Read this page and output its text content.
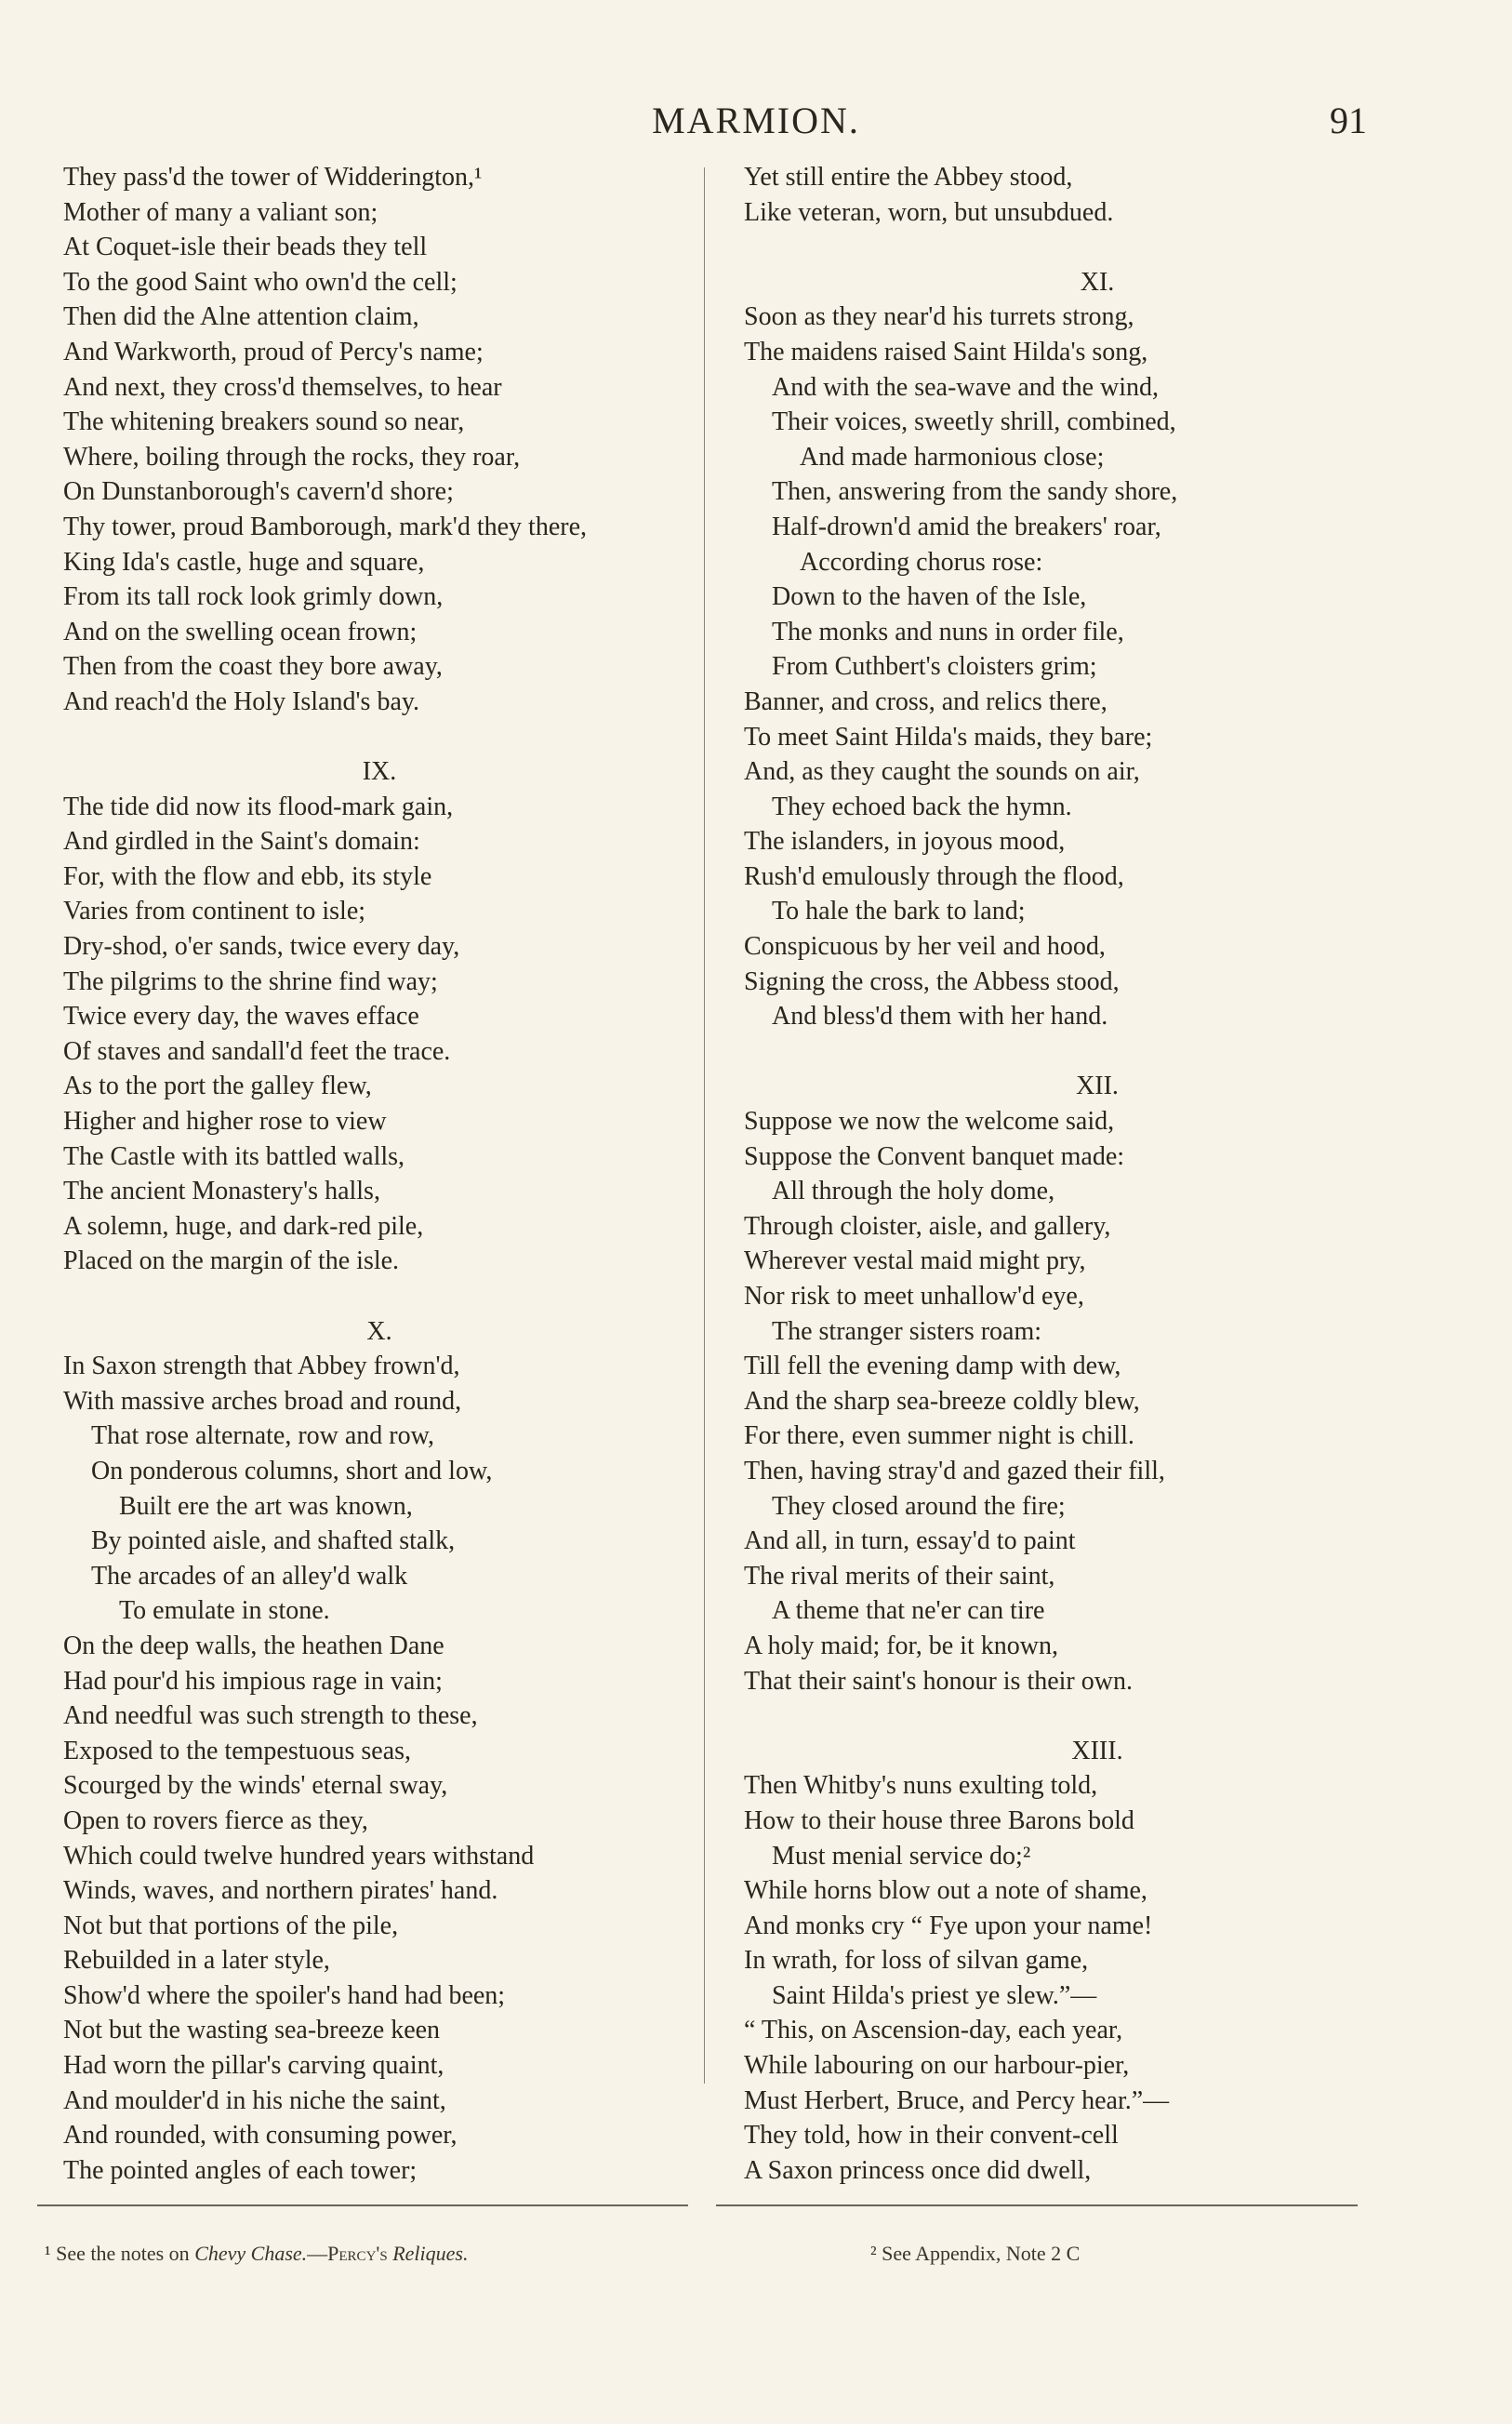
MARMION.	91
They pass'd the tower of Widderington,¹
Mother of many a valiant son;
At Coquet-isle their beads they tell
To the good Saint who own'd the cell;
Then did the Alne attention claim,
And Warkworth, proud of Percy's name;
And next, they cross'd themselves, to hear
The whitening breakers sound so near,
Where, boiling through the rocks, they roar,
On Dunstanborough's cavern'd shore;
Thy tower, proud Bamborough, mark'd they there,
King Ida's castle, huge and square,
From its tall rock look grimly down,
And on the swelling ocean frown;
Then from the coast they bore away,
And reach'd the Holy Island's bay.
IX.
The tide did now its flood-mark gain,
And girdled in the Saint's domain:
For, with the flow and ebb, its style
Varies from continent to isle;
Dry-shod, o'er sands, twice every day,
The pilgrims to the shrine find way;
Twice every day, the waves efface
Of staves and sandall'd feet the trace.
As to the port the galley flew,
Higher and higher rose to view
The Castle with its battled walls,
The ancient Monastery's halls,
A solemn, huge, and dark-red pile,
Placed on the margin of the isle.
X.
In Saxon strength that Abbey frown'd,
With massive arches broad and round,
That rose alternate, row and row,
On ponderous columns, short and low,
Built ere the art was known,
By pointed aisle, and shafted stalk,
The arcades of an alley'd walk
To emulate in stone.
On the deep walls, the heathen Dane
Had pour'd his impious rage in vain;
And needful was such strength to these,
Exposed to the tempestuous seas,
Scourged by the winds' eternal sway,
Open to rovers fierce as they,
Which could twelve hundred years withstand
Winds, waves, and northern pirates' hand.
Not but that portions of the pile,
Rebuilded in a later style,
Show'd where the spoiler's hand had been;
Not but the wasting sea-breeze keen
Had worn the pillar's carving quaint,
And moulder'd in his niche the saint,
And rounded, with consuming power,
The pointed angles of each tower;
Yet still entire the Abbey stood,
Like veteran, worn, but unsubdued.
XI.
Soon as they near'd his turrets strong,
The maidens raised Saint Hilda's song,
And with the sea-wave and the wind,
Their voices, sweetly shrill, combined,
And made harmonious close;
Then, answering from the sandy shore,
Half-drown'd amid the breakers' roar,
According chorus rose:
Down to the haven of the Isle,
The monks and nuns in order file,
From Cuthbert's cloisters grim;
Banner, and cross, and relics there,
To meet Saint Hilda's maids, they bare;
And, as they caught the sounds on air,
They echoed back the hymn.
The islanders, in joyous mood,
Rush'd emulously through the flood,
To hale the bark to land;
Conspicuous by her veil and hood,
Signing the cross, the Abbess stood,
And bless'd them with her hand.
XII.
Suppose we now the welcome said,
Suppose the Convent banquet made:
All through the holy dome,
Through cloister, aisle, and gallery,
Wherever vestal maid might pry,
Nor risk to meet unhallow'd eye,
The stranger sisters roam:
Till fell the evening damp with dew,
And the sharp sea-breeze coldly blew,
For there, even summer night is chill.
Then, having stray'd and gazed their fill,
They closed around the fire;
And all, in turn, essay'd to paint
The rival merits of their saint,
A theme that ne'er can tire
A holy maid; for, be it known,
That their saint's honour is their own.
XIII.
Then Whitby's nuns exulting told,
How to their house three Barons bold
Must menial service do;²
While horns blow out a note of shame,
And monks cry “ Fye upon your name!
In wrath, for loss of silvan game,
Saint Hilda's priest ye slew.”—
“ This, on Ascension-day, each year,
While labouring on our harbour-pier,
Must Herbert, Bruce, and Percy hear.”—
They told, how in their convent-cell
A Saxon princess once did dwell,
¹ See the notes on Chevy Chase.—Percy's Reliques.	² See Appendix, Note 2 C
